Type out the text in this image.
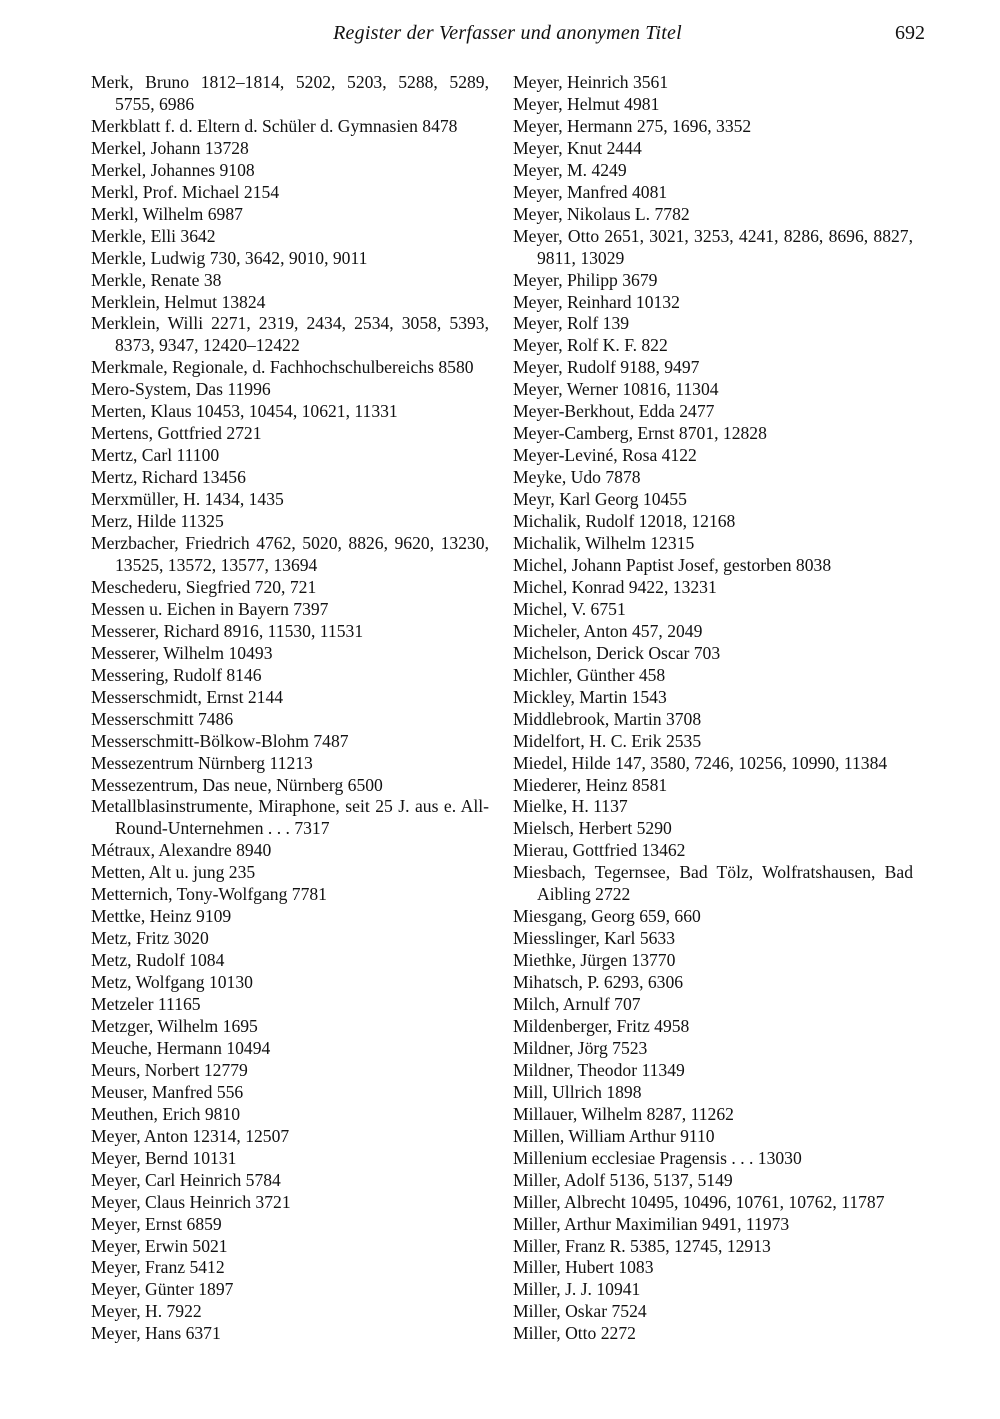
Register der Verfasser und anonymen Titel	692
Merk, Bruno 1812–1814, 5202, 5203, 5288, 5289, 5755, 6986
Merkblatt f. d. Eltern d. Schüler d. Gymnasien 8478
Merkel, Johann 13728
Merkel, Johannes 9108
Merkl, Prof. Michael 2154
Merkl, Wilhelm 6987
Merkle, Elli 3642
Merkle, Ludwig 730, 3642, 9010, 9011
Merkle, Renate 38
Merklein, Helmut 13824
Merklein, Willi 2271, 2319, 2434, 2534, 3058, 5393, 8373, 9347, 12420–12422
Merkmale, Regionale, d. Fachhochschulbereichs 8580
Mero-System, Das 11996
Merten, Klaus 10453, 10454, 10621, 11331
Mertens, Gottfried 2721
Mertz, Carl 11100
Mertz, Richard 13456
Merxmüller, H. 1434, 1435
Merz, Hilde 11325
Merzbacher, Friedrich 4762, 5020, 8826, 9620, 13230, 13525, 13572, 13577, 13694
Meschederu, Siegfried 720, 721
Messen u. Eichen in Bayern 7397
Messerer, Richard 8916, 11530, 11531
Messerer, Wilhelm 10493
Messering, Rudolf 8146
Messerschmidt, Ernst 2144
Messerschmitt 7486
Messerschmitt-Bölkow-Blohm 7487
Messezentrum Nürnberg 11213
Messezentrum, Das neue, Nürnberg 6500
Metallblasinstrumente, Miraphone, seit 25 J. aus e. All-Round-Unternehmen . . . 7317
Métraux, Alexandre 8940
Metten, Alt u. jung 235
Metternich, Tony-Wolfgang 7781
Mettke, Heinz 9109
Metz, Fritz 3020
Metz, Rudolf 1084
Metz, Wolfgang 10130
Metzeler 11165
Metzger, Wilhelm 1695
Meuche, Hermann 10494
Meurs, Norbert 12779
Meuser, Manfred 556
Meuthen, Erich 9810
Meyer, Anton 12314, 12507
Meyer, Bernd 10131
Meyer, Carl Heinrich 5784
Meyer, Claus Heinrich 3721
Meyer, Ernst 6859
Meyer, Erwin 5021
Meyer, Franz 5412
Meyer, Günter 1897
Meyer, H. 7922
Meyer, Hans 6371
Meyer, Heinrich 3561
Meyer, Helmut 4981
Meyer, Hermann 275, 1696, 3352
Meyer, Knut 2444
Meyer, M. 4249
Meyer, Manfred 4081
Meyer, Nikolaus L. 7782
Meyer, Otto 2651, 3021, 3253, 4241, 8286, 8696, 8827, 9811, 13029
Meyer, Philipp 3679
Meyer, Reinhard 10132
Meyer, Rolf 139
Meyer, Rolf K. F. 822
Meyer, Rudolf 9188, 9497
Meyer, Werner 10816, 11304
Meyer-Berkhout, Edda 2477
Meyer-Camberg, Ernst 8701, 12828
Meyer-Leviné, Rosa 4122
Meyke, Udo 7878
Meyr, Karl Georg 10455
Michalik, Rudolf 12018, 12168
Michalik, Wilhelm 12315
Michel, Johann Paptist Josef, gestorben 8038
Michel, Konrad 9422, 13231
Michel, V. 6751
Micheler, Anton 457, 2049
Michelson, Derick Oscar 703
Michler, Günther 458
Mickley, Martin 1543
Middlebrook, Martin 3708
Midelfort, H. C. Erik 2535
Miedel, Hilde 147, 3580, 7246, 10256, 10990, 11384
Miederer, Heinz 8581
Mielke, H. 1137
Mielsch, Herbert 5290
Mierau, Gottfried 13462
Miesbach, Tegernsee, Bad Tölz, Wolfratshausen, Bad Aibling 2722
Miesgang, Georg 659, 660
Miesslinger, Karl 5633
Miethke, Jürgen 13770
Mihatsch, P. 6293, 6306
Milch, Arnulf 707
Mildenberger, Fritz 4958
Mildner, Jörg 7523
Mildner, Theodor 11349
Mill, Ullrich 1898
Millauer, Wilhelm 8287, 11262
Millen, William Arthur 9110
Millenium ecclesiae Pragensis . . . 13030
Miller, Adolf 5136, 5137, 5149
Miller, Albrecht 10495, 10496, 10761, 10762, 11787
Miller, Arthur Maximilian 9491, 11973
Miller, Franz R. 5385, 12745, 12913
Miller, Hubert 1083
Miller, J. J. 10941
Miller, Oskar 7524
Miller, Otto 2272
